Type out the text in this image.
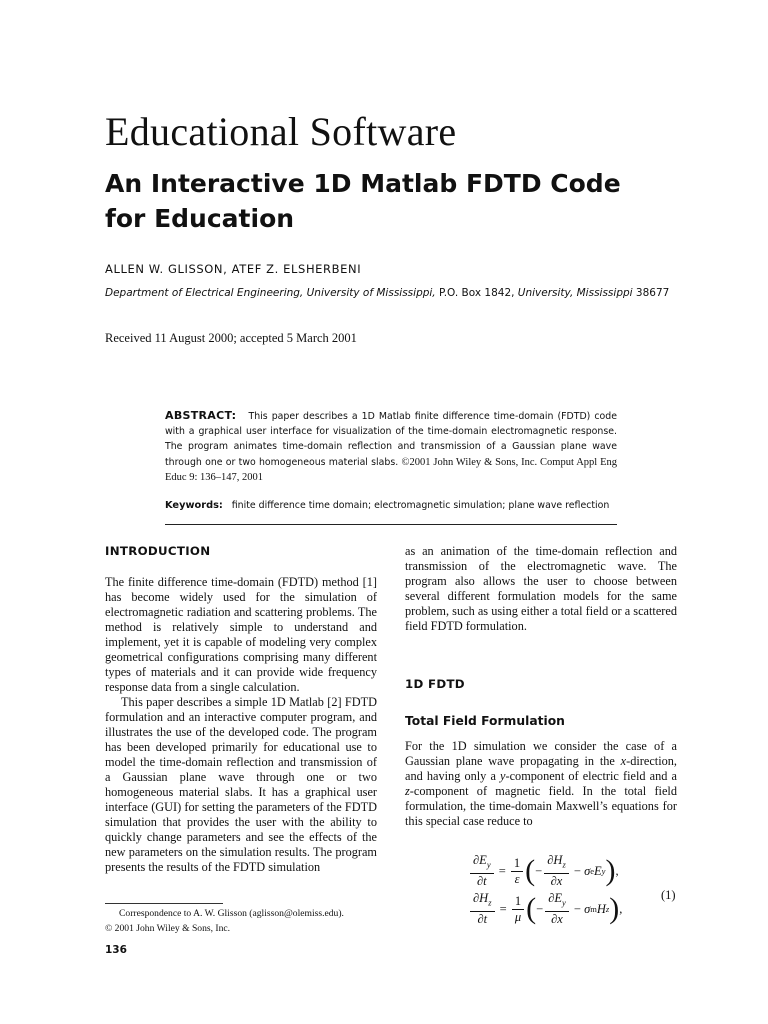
Educational Software
An Interactive 1D Matlab FDTD Code for Education
ALLEN W. GLISSON, ATEF Z. ELSHERBENI
Department of Electrical Engineering, University of Mississippi, P.O. Box 1842, University, Mississippi 38677
Received 11 August 2000; accepted 5 March 2001
ABSTRACT: This paper describes a 1D Matlab finite difference time-domain (FDTD) code with a graphical user interface for visualization of the time-domain electromagnetic response. The program animates time-domain reflection and transmission of a Gaussian plane wave through one or two homogeneous material slabs. ©2001 John Wiley & Sons, Inc. Comput Appl Eng Educ 9: 136–147, 2001
Keywords: finite difference time domain; electromagnetic simulation; plane wave reflection
INTRODUCTION

The finite difference time-domain (FDTD) method [1] has become widely used for the simulation of electromagnetic radiation and scattering problems. The method is relatively simple to understand and implement, yet it is capable of modeling very complex geometrical configurations comprising many different types of materials and it can provide wide frequency response data from a single calculation.

This paper describes a simple 1D Matlab [2] FDTD formulation and an interactive computer program, and illustrates the use of the developed code. The program has been developed primarily for educational use to model the time-domain reflection and transmission of a Gaussian plane wave through one or two homogeneous material slabs. It has a graphical user interface (GUI) for setting the parameters of the FDTD simulation that provides the user with the ability to quickly change parameters and see the effects of the new parameters on the simulation results. The program presents the results of the FDTD simulation

as an animation of the time-domain reflection and transmission of the electromagnetic wave. The program also allows the user to choose between several different formulation models for the same problem, such as using either a total field or a scattered field FDTD formulation.

1D FDTD
Total Field Formulation

For the 1D simulation we consider the case of a Gaussian plane wave propagating in the x-direction, and having only a y-component of electric field and a z-component of magnetic field. In the total field formulation, the time-domain Maxwell’s equations for this special case reduce to

$\frac{\partial E_y}{\partial t} = \frac{1}{\varepsilon}$ ( − $\frac{\partial H_z}{\partial x} - \sigma$ e E y ) ,
$\frac{\partial H_z}{\partial t} = \frac{1}{\mu}$ ( − $\frac{\partial E_y}{\partial x} - \sigma$ m H z ) ,
(1)
Correspondence to A. W. Glisson (aglisson@olemiss.edu).
© 2001 John Wiley & Sons, Inc.
136
